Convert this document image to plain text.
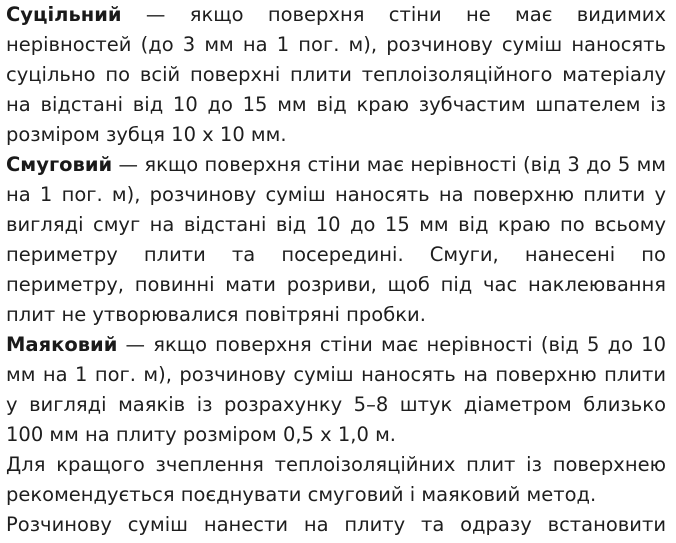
Суцільний — якщо поверхня стіни не має видимих нерівностей (до 3 мм на 1 пог. м), розчинову суміш наносять суцільно по всій поверхні плити теплоізоляційного матеріалу на відстані від 10 до 15 мм від краю зубчастим шпателем із розміром зубця 10 х 10 мм.

Смуговий — якщо поверхня стіни має нерівності (від 3 до 5 мм на 1 пог. м), розчинову суміш наносять на поверхню плити у вигляді смуг на відстані від 10 до 15 мм від краю по всьому периметру плити та посередині. Смуги, нанесені по периметру, повинні мати розриви, щоб під час наклеювання плит не утворювалися повітряні пробки.

Маяковий — якщо поверхня стіни має нерівності (від 5 до 10 мм на 1 пог. м), розчинову суміш наносять на поверхню плити у вигляді маяків із розрахунку 5–8 штук діаметром близько 100 мм на плиту розміром 0,5 х 1,0 м.

Для кращого зчеплення теплоізоляційних плит із поверхнею рекомендується поєднувати смуговий і маяковий метод.

Розчинову суміш нанести на плиту та одразу встановити
